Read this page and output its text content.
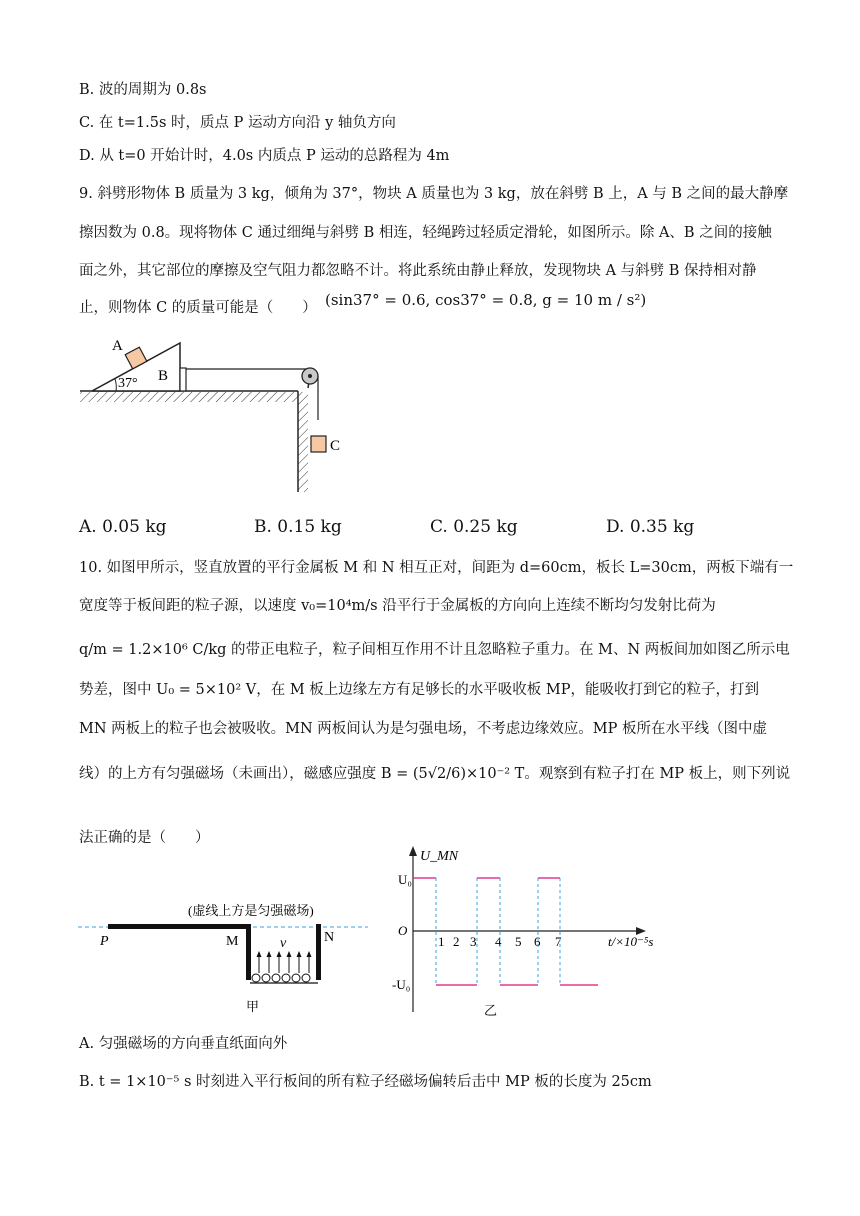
B. 波的周期为 0.8s
C. 在 t=1.5s 时，质点 P 运动方向沿 y 轴负方向
D. 从 t=0 开始计时，4.0s 内质点 P 运动的总路程为 4m
9. 斜劈形物体 B 质量为 3 kg，倾角为 37°，物块 A 质量也为 3 kg，放在斜劈 B 上，A 与 B 之间的最大静摩
擦因数为 0.8。现将物体 C 通过细绳与斜劈 B 相连，轻绳跨过轻质定滑轮，如图所示。除 A、B 之间的接触
面之外，其它部位的摩擦及空气阻力都忽略不计。将此系统由静止释放，发现物块 A 与斜劈 B 保持相对静
止，则物体 C 的质量可能是（　　） (sin37° = 0.6, cos37° = 0.8, g = 10 m / s²)
37°
A
B
C
A. 0.05 kg	B. 0.15 kg	C. 0.25 kg	D. 0.35 kg
10. 如图甲所示，竖直放置的平行金属板 M 和 N 相互正对，间距为 d=60cm，板长 L=30cm，两板下端有一
宽度等于板间距的粒子源，以速度 v₀=10⁴m/s 沿平行于金属板的方向向上连续不断均匀发射比荷为
q/m = 1.2×10⁶ C/kg 的带正电粒子，粒子间相互作用不计且忽略粒子重力。在 M、N 两板间加如图乙所示电
势差，图中 U₀ = 5×10² V，在 M 板上边缘左方有足够长的水平吸收板 MP，能吸收打到它的粒子，打到
MN 两板上的粒子也会被吸收。MN 两板间认为是匀强电场，不考虑边缘效应。MP 板所在水平线（图中虚
线）的上方有匀强磁场（未画出），磁感应强度 B = (5√2/6)×10⁻² T。观察到有粒子打在 MP 板上，则下列说
法正确的是（　　）
(虚线上方是匀强磁场)
P	M	N
v
甲
U_MN
U₀
-U₀
O
t/×10⁻⁵s
1 2 3 4 5 6 7
乙
A. 匀强磁场的方向垂直纸面向外
B. t = 1×10⁻⁵ s 时刻进入平行板间的所有粒子经磁场偏转后击中 MP 板的长度为 25cm
